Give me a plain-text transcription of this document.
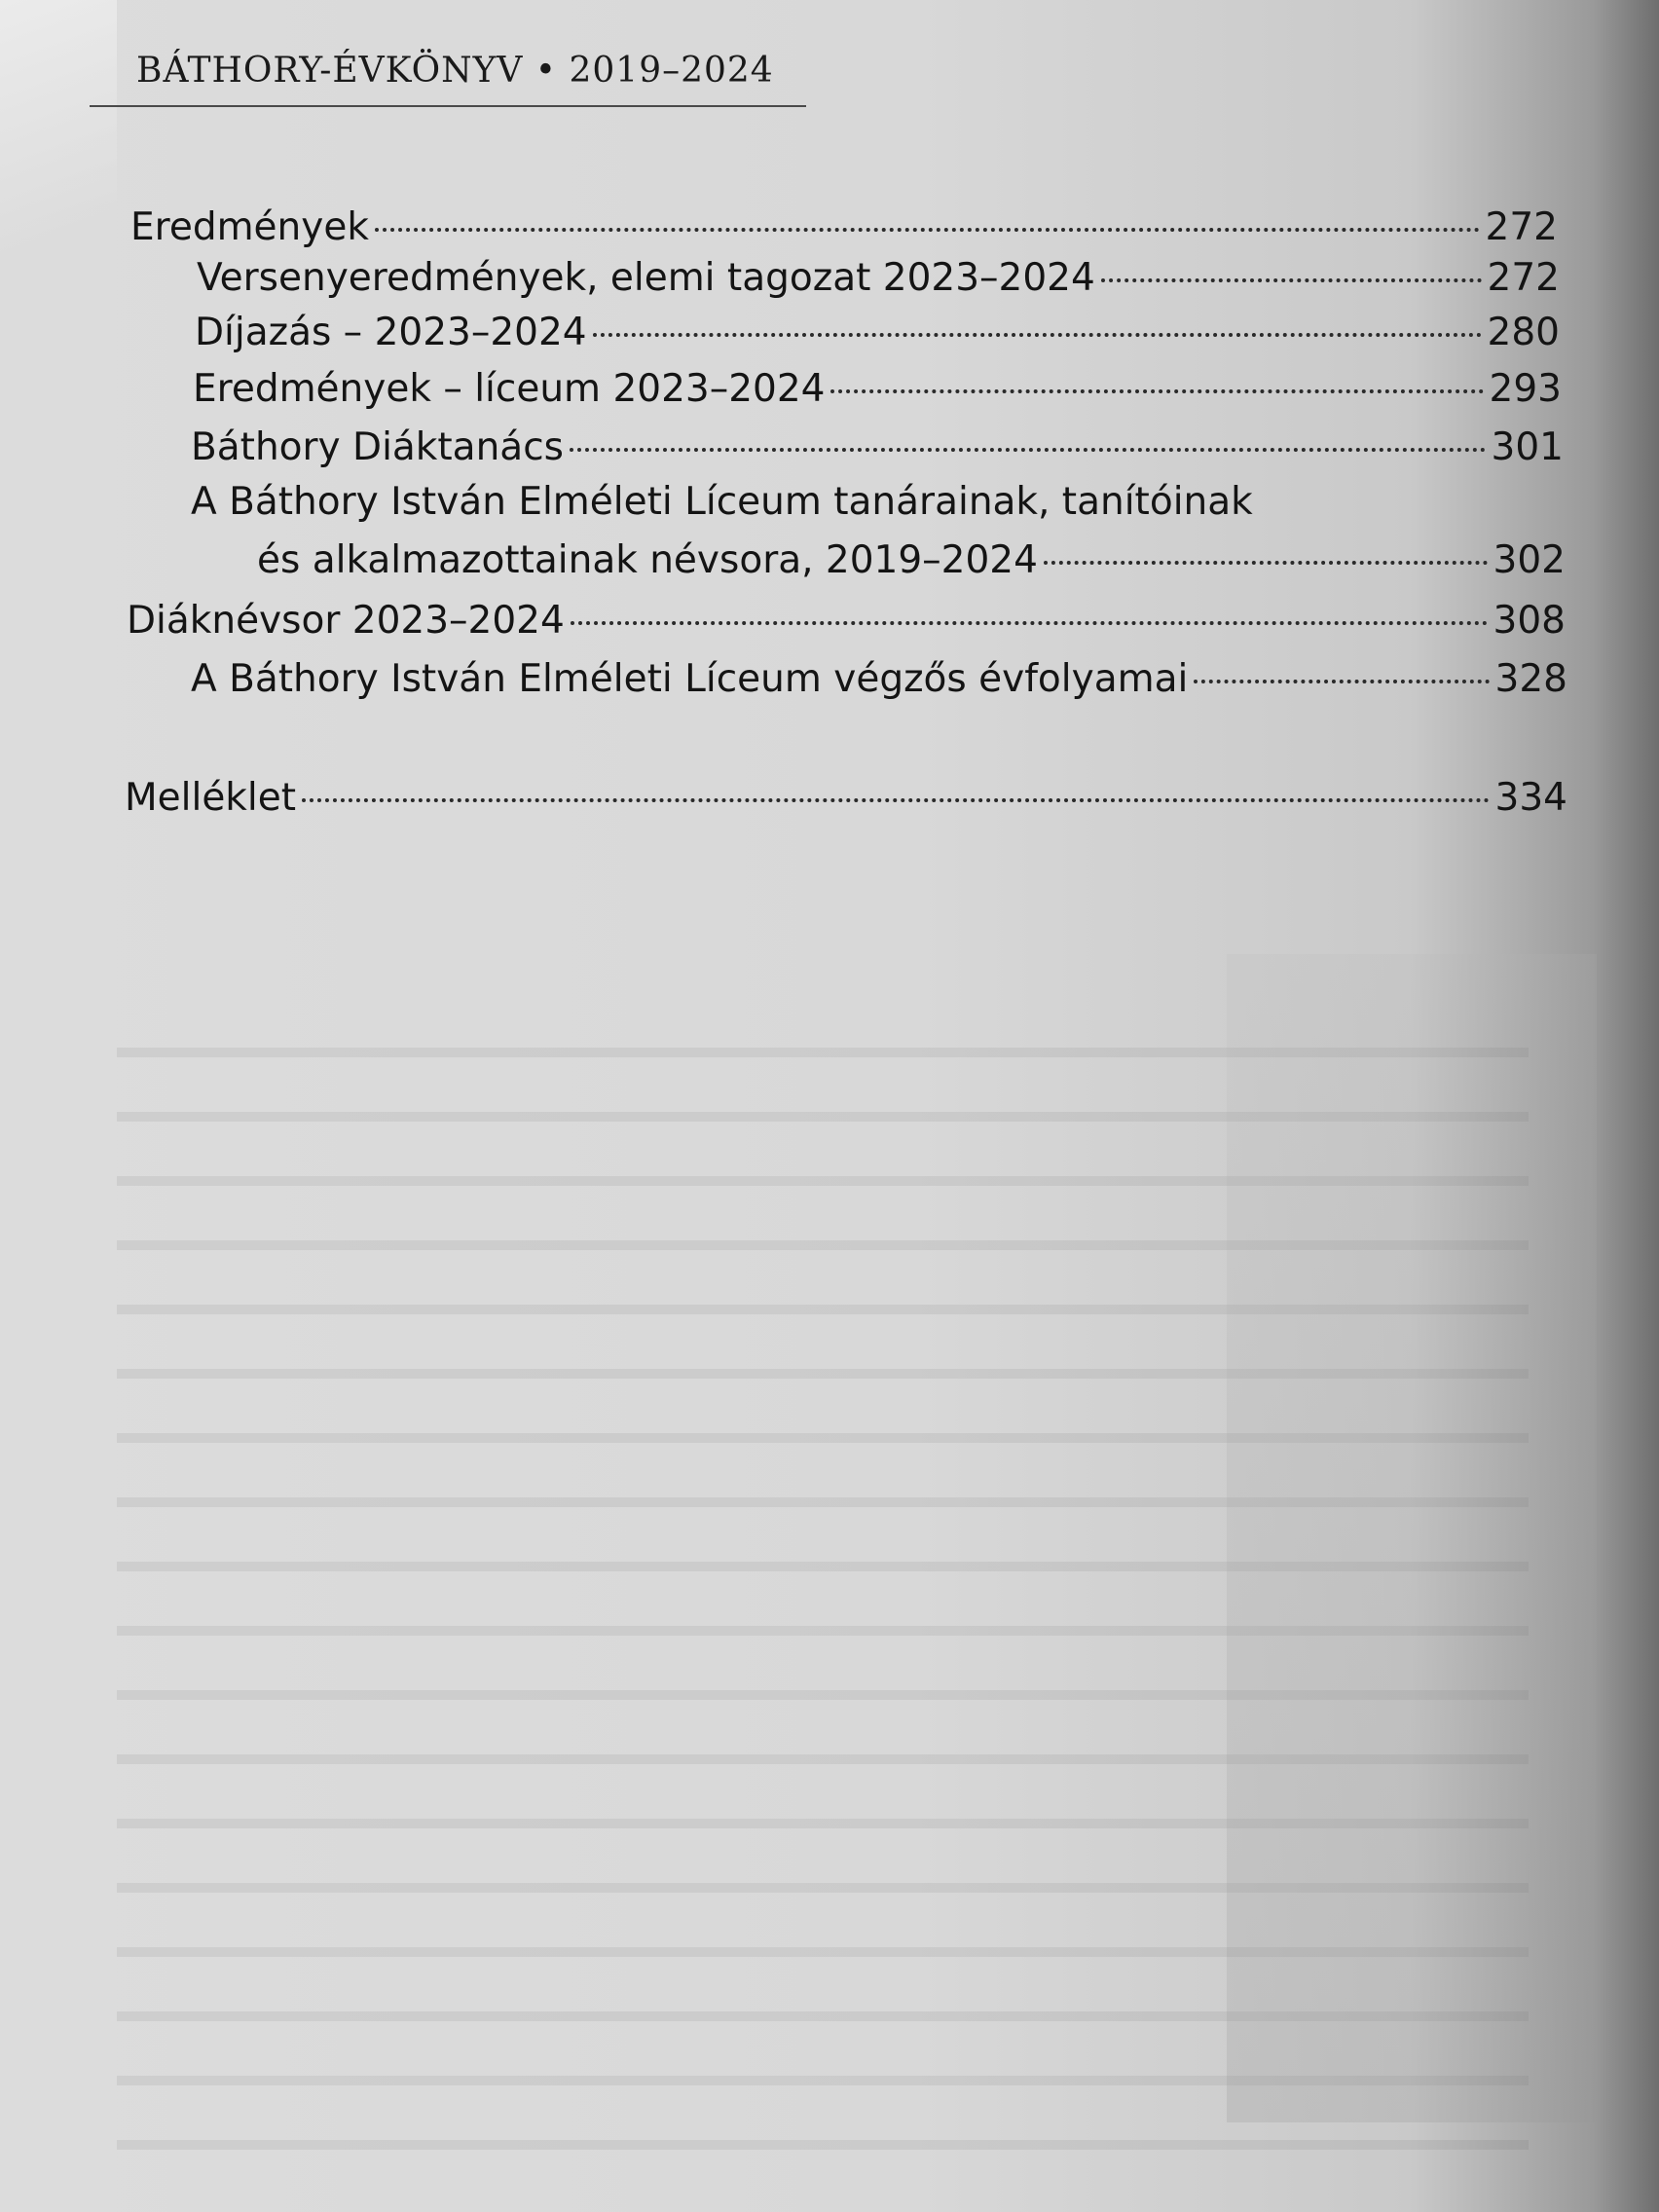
BÁTHORY-ÉVKÖNYV • 2019–2024
Eredmények	272
Versenyeredmények, elemi tagozat 2023–2024	272
Díjazás – 2023–2024	280
Eredmények – líceum 2023–2024	293
Báthory Diáktanács	301
A Báthory István Elméleti Líceum tanárainak, tanítóinak
és alkalmazottainak névsora, 2019–2024	302
Diáknévsor 2023–2024	308
A Báthory István Elméleti Líceum végzős évfolyamai	328
Melléklet	334
